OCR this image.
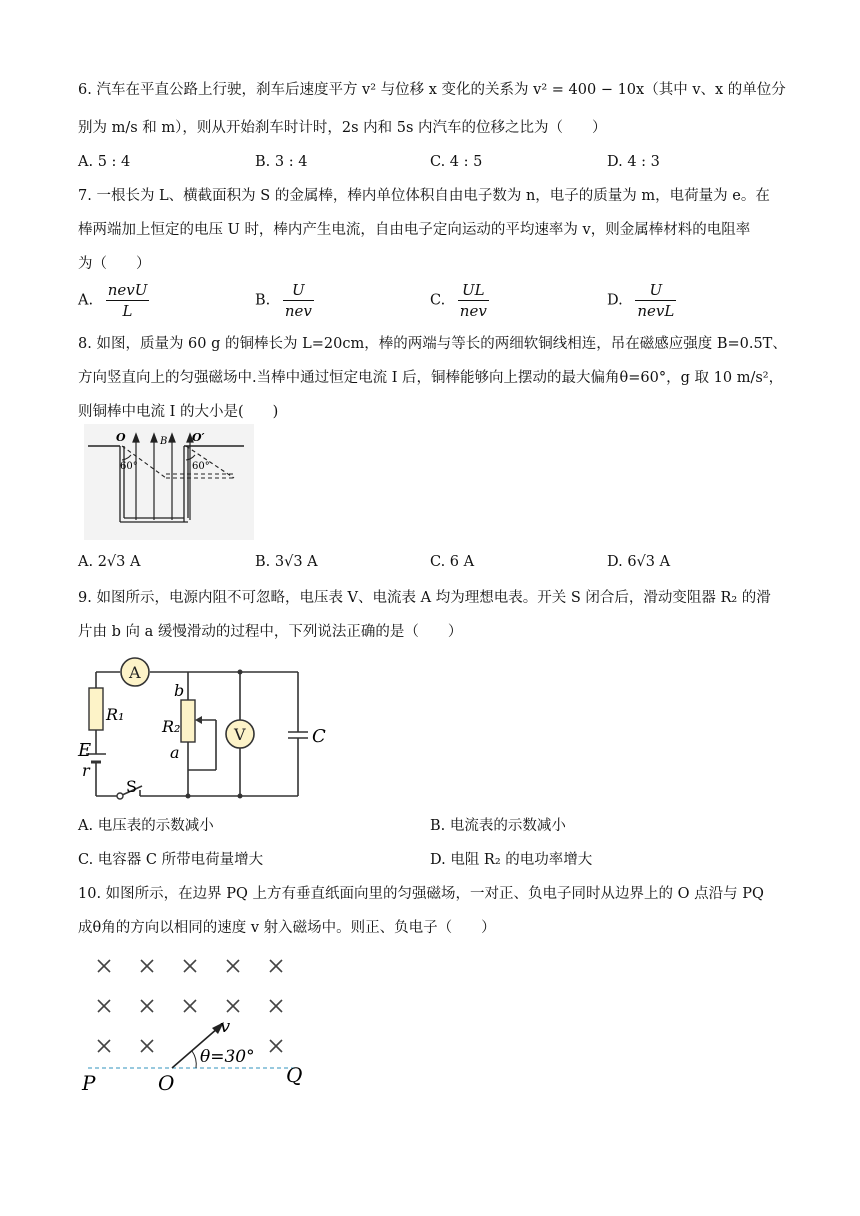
6. 汽车在平直公路上行驶，刹车后速度平方 v² 与位移 x 变化的关系为 v² = 400 − 10x（其中 v、x 的单位分
别为 m/s 和 m），则从开始刹车时计时，2s 内和 5s 内汽车的位移之比为（　　）
A. 5 : 4	B. 3 : 4	C. 4 : 5	D. 4 : 3
7. 一根长为 L、横截面积为 S 的金属棒，棒内单位体积自由电子数为 n，电子的质量为 m，电荷量为 e。在
棒两端加上恒定的电压 U 时，棒内产生电流，自由电子定向运动的平均速率为 v，则金属棒材料的电阻率
为（　　）
A. $\frac{\text{nevU}}{L}$	B. $\frac{U}{\text{nev}}$	C. $\frac{UL}{\text{nev}}$	D. $\frac{U}{\text{nevL}}$
8. 如图，质量为 60 g 的铜棒长为 L=20cm，棒的两端与等长的两细软铜线相连，吊在磁感应强度 B=0.5T、
方向竖直向上的匀强磁场中.当棒中通过恒定电流 I 后，铜棒能够向上摆动的最大偏角θ=60°，g 取 10 m/s²，
则铜棒中电流 I 的大小是(　　)
O	B O′
60°	60°
A. 2√3 A	B. 3√3 A	C. 6 A	D. 6√3 A
9. 如图所示，电源内阻不可忽略，电压表 V、电流表 A 均为理想电表。开关 S 闭合后，滑动变阻器 R₂ 的滑
片由 b 向 a 缓慢滑动的过程中，下列说法正确的是（　　）
A
V
b
R₁
R₂
a
C
E
r
S
A. 电压表的示数减小	B. 电流表的示数减小
C. 电容器 C 所带电荷量增大	D. 电阻 R₂ 的电功率增大
10. 如图所示，在边界 PQ 上方有垂直纸面向里的匀强磁场，一对正、负电子同时从边界上的 O 点沿与 PQ
成θ角的方向以相同的速度 v 射入磁场中。则正、负电子（　　）
v
θ=30°
P	O	Q
